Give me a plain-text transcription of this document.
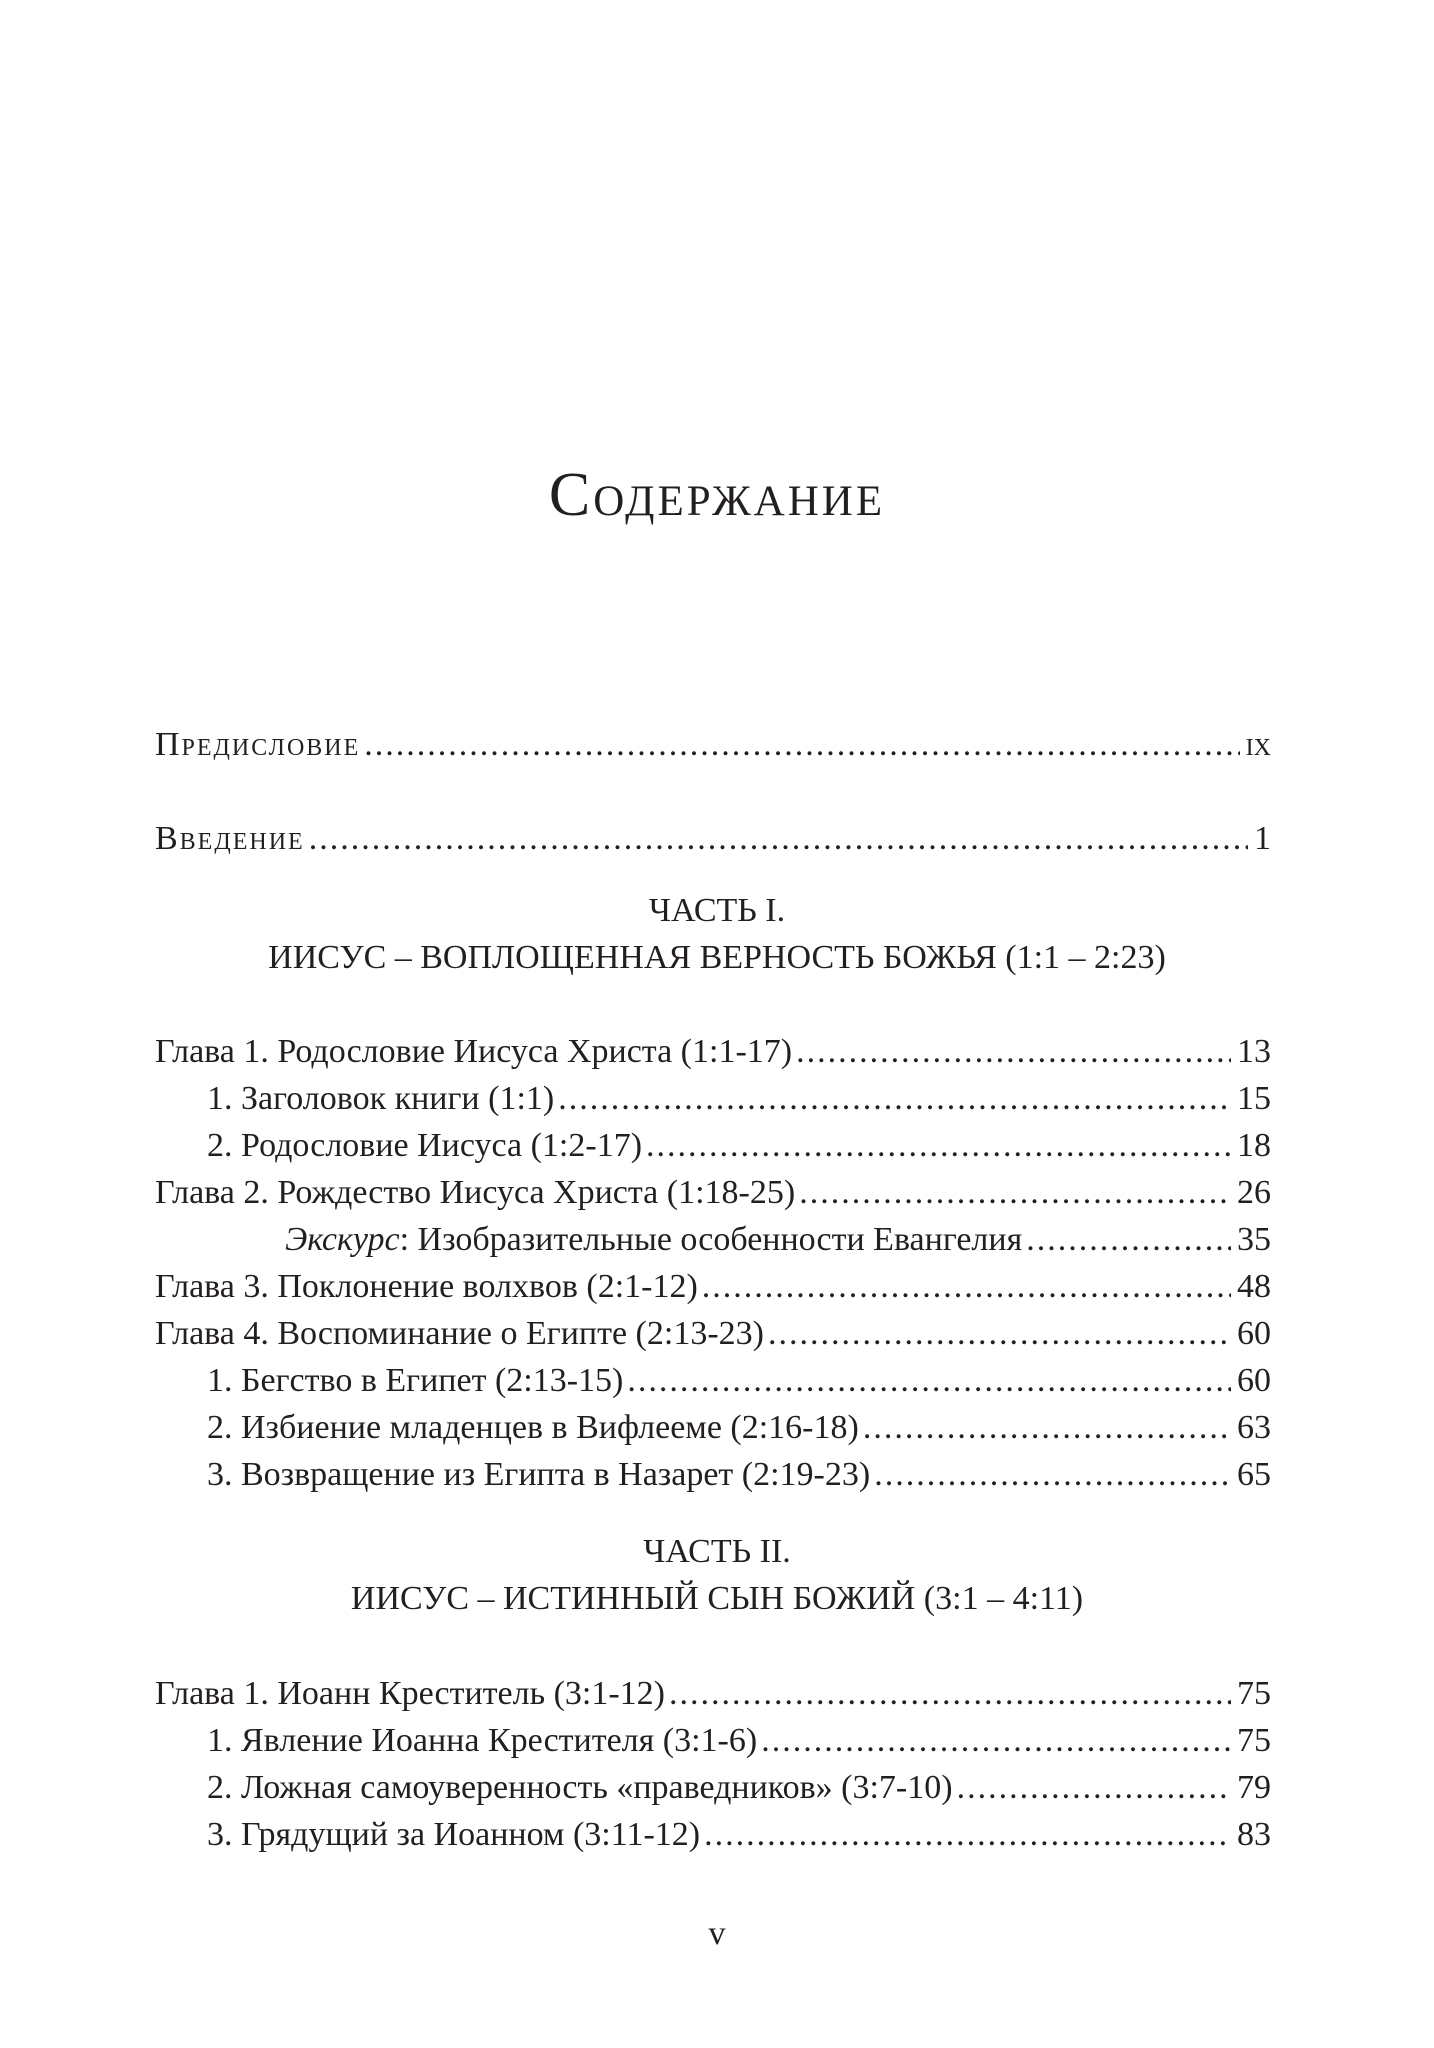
Содержание
Предисловие .....	ix
Введение .....	1
ЧАСТЬ I.
ИИСУС – ВОПЛОЩЕННАЯ ВЕРНОСТЬ БОЖЬЯ (1:1 – 2:23)
Глава 1. Родословие Иисуса Христа (1:1-17) .....	13
1. Заголовок книги (1:1) .....	15
2. Родословие Иисуса (1:2-17) .....	18
Глава 2. Рождество Иисуса Христа (1:18-25) .....	26
Экскурс: Изобразительные особенности Евангелия .....	35
Глава 3. Поклонение волхвов (2:1-12) .....	48
Глава 4. Воспоминание о Египте (2:13-23) .....	60
1. Бегство в Египет (2:13-15) .....	60
2. Избиение младенцев в Вифлееме (2:16-18) .....	63
3. Возвращение из Египта в Назарет (2:19-23) .....	65
ЧАСТЬ II.
ИИСУС – ИСТИННЫЙ СЫН БОЖИЙ (3:1 – 4:11)
Глава 1. Иоанн Креститель (3:1-12) .....	75
1. Явление Иоанна Крестителя (3:1-6) .....	75
2. Ложная самоуверенность «праведников» (3:7-10) .....	79
3. Грядущий за Иоанном (3:11-12) .....	83
v
